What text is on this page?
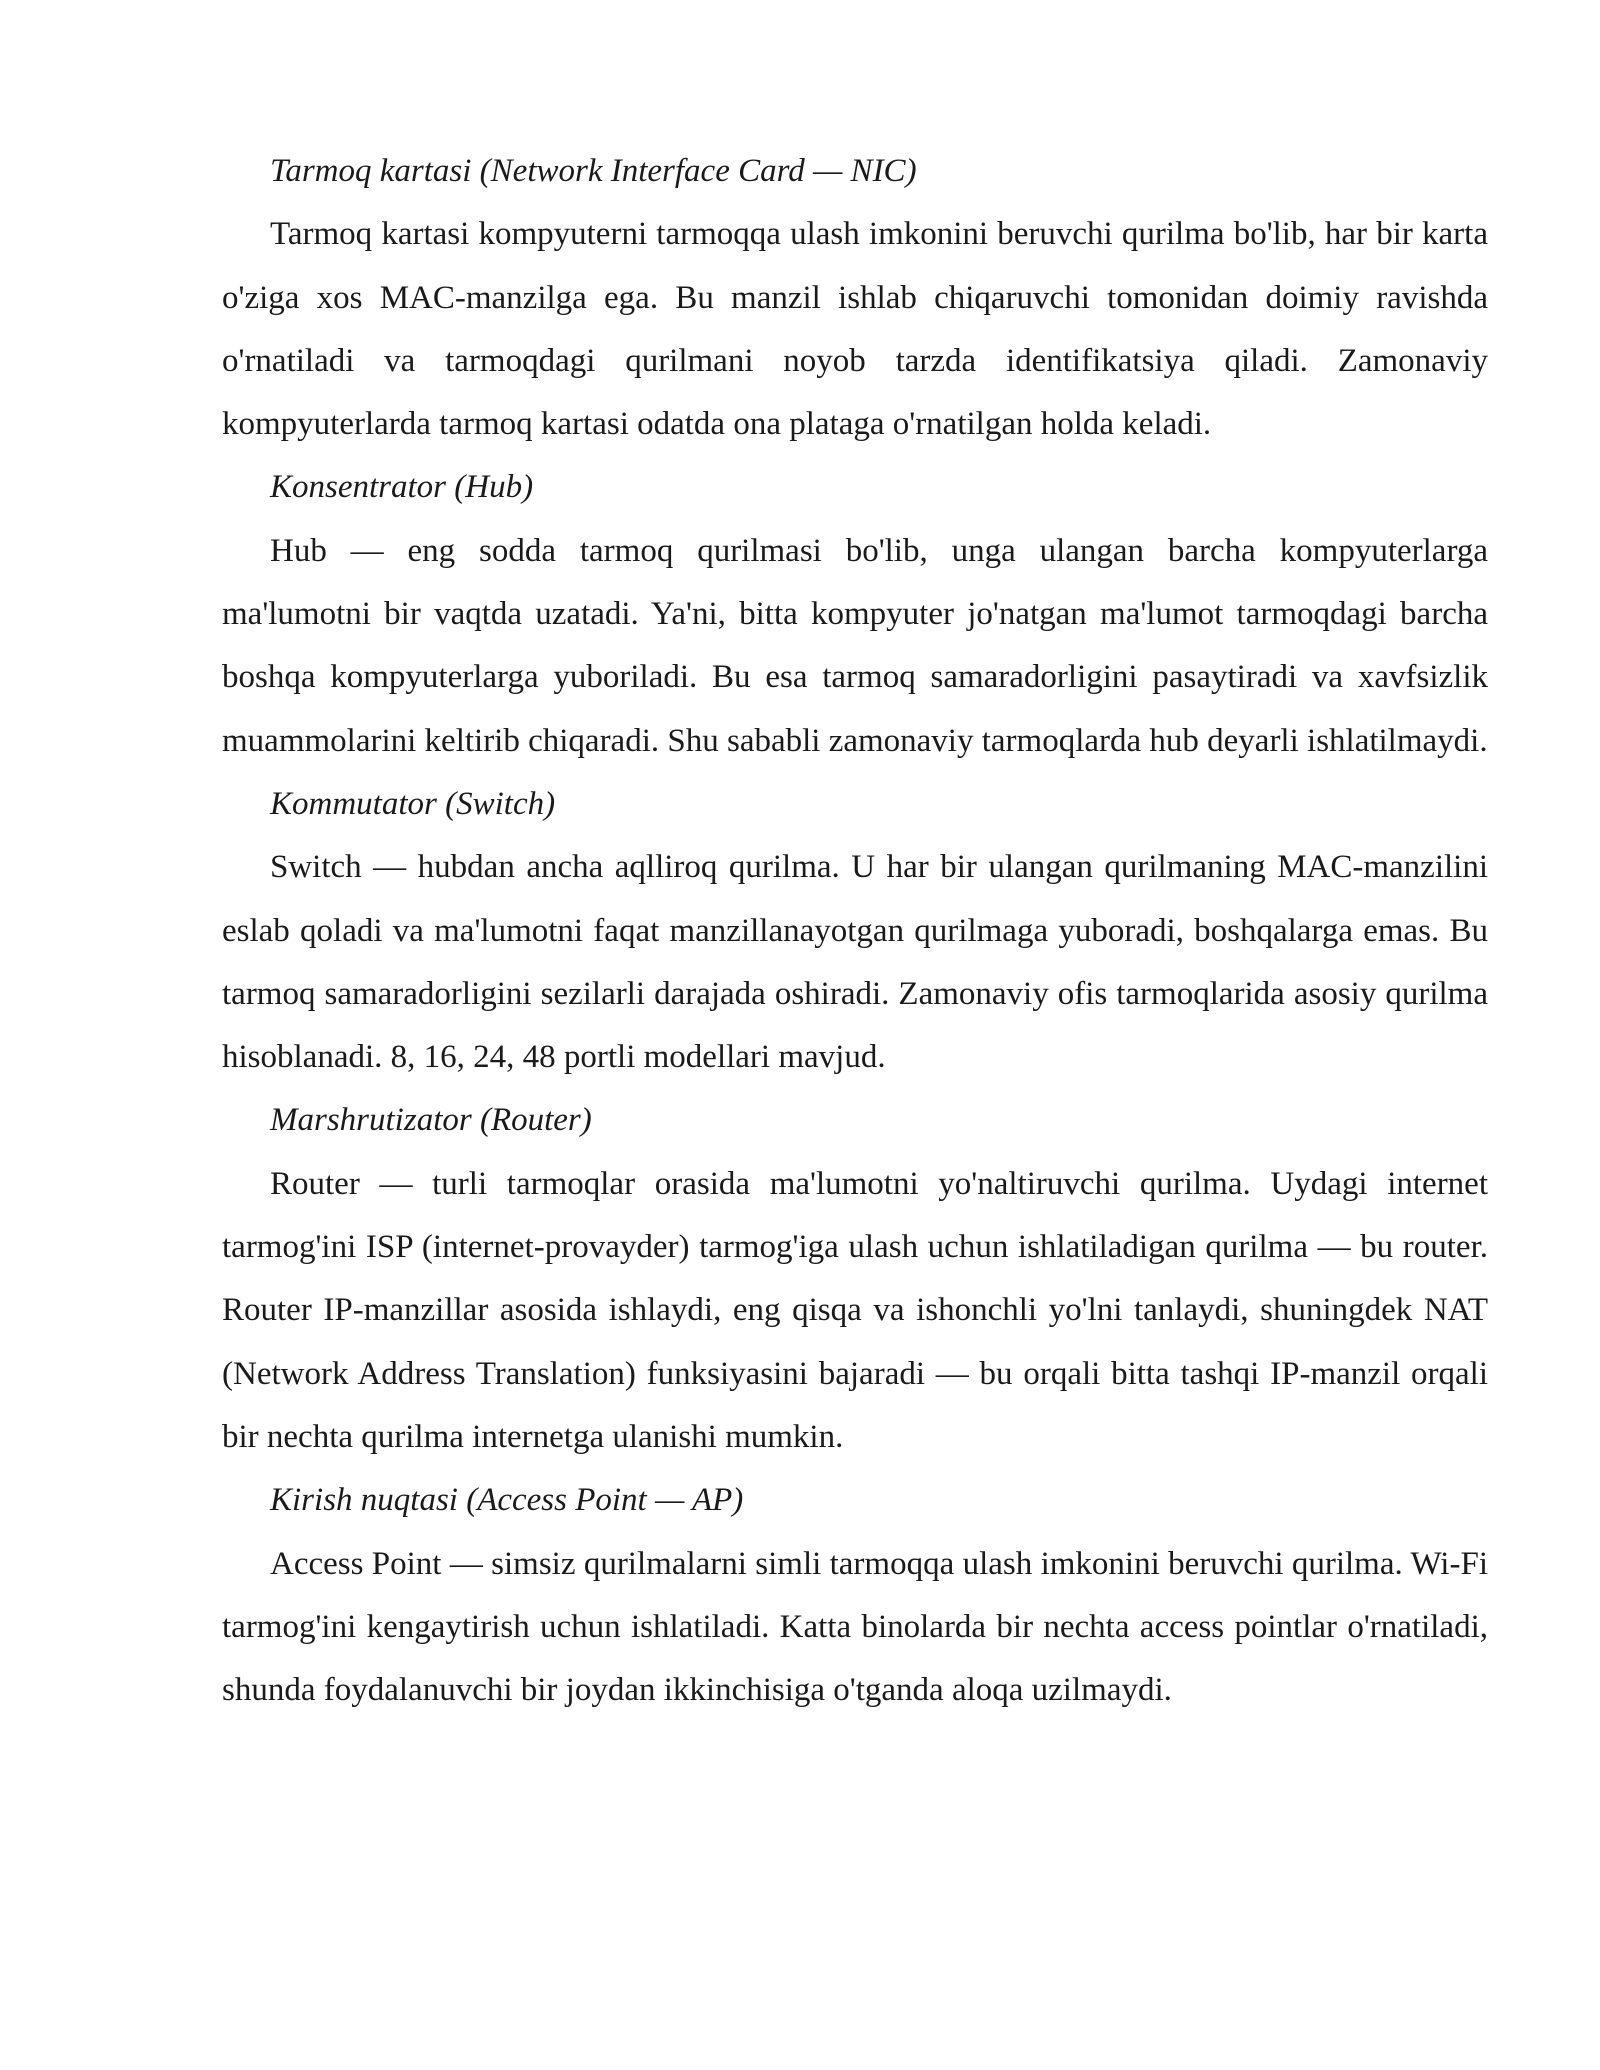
Tarmoq kartasi (Network Interface Card — NIC)

Tarmoq kartasi kompyuterni tarmoqqa ulash imkonini beruvchi qurilma bo'lib, har bir karta o'ziga xos MAC-manzilga ega. Bu manzil ishlab chiqaruvchi tomonidan doimiy ravishda o'rnatiladi va tarmoqdagi qurilmani noyob tarzda identifikatsiya qiladi. Zamonaviy kompyuterlarda tarmoq kartasi odatda ona plataga o'rnatilgan holda keladi.

Konsentrator (Hub)

Hub — eng sodda tarmoq qurilmasi bo'lib, unga ulangan barcha kompyuterlarga ma'lumotni bir vaqtda uzatadi. Ya'ni, bitta kompyuter jo'natgan ma'lumot tarmoqdagi barcha boshqa kompyuterlarga yuboriladi. Bu esa tarmoq samaradorligini pasaytiradi va xavfsizlik muammolarini keltirib chiqaradi. Shu sababli zamonaviy tarmoqlarda hub deyarli ishlatilmaydi.

Kommutator (Switch)

Switch — hubdan ancha aqlliroq qurilma. U har bir ulangan qurilmaning MAC-manzilini eslab qoladi va ma'lumotni faqat manzillanayotgan qurilmaga yuboradi, boshqalarga emas. Bu tarmoq samaradorligini sezilarli darajada oshiradi. Zamonaviy ofis tarmoqlarida asosiy qurilma hisoblanadi. 8, 16, 24, 48 portli modellari mavjud.

Marshrutizator (Router)

Router — turli tarmoqlar orasida ma'lumotni yo'naltiruvchi qurilma. Uydagi internet tarmog'ini ISP (internet-provayder) tarmog'iga ulash uchun ishlatiladigan qurilma — bu router. Router IP-manzillar asosida ishlaydi, eng qisqa va ishonchli yo'lni tanlaydi, shuningdek NAT (Network Address Translation) funksiyasini bajaradi — bu orqali bitta tashqi IP-manzil orqali bir nechta qurilma internetga ulanishi mumkin.

Kirish nuqtasi (Access Point — AP)

Access Point — simsiz qurilmalarni simli tarmoqqa ulash imkonini beruvchi qurilma. Wi-Fi tarmog'ini kengaytirish uchun ishlatiladi. Katta binolarda bir nechta access pointlar o'rnatiladi, shunda foydalanuvchi bir joydan ikkinchisiga o'tganda aloqa uzilmaydi.
